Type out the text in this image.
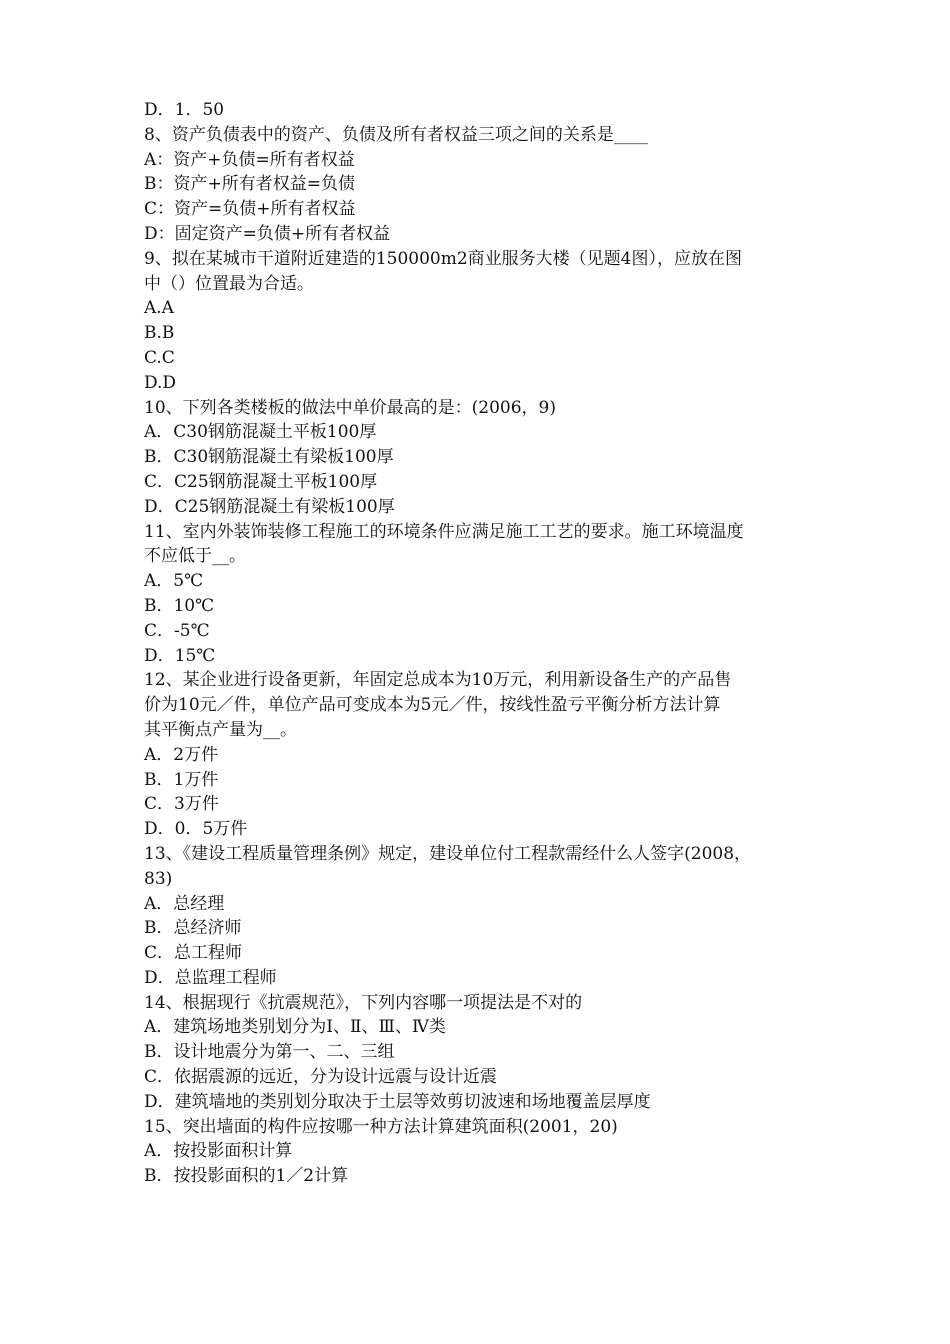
D．1．50
8、资产负债表中的资产、负债及所有者权益三项之间的关系是____
A：资产+负债=所有者权益
B：资产+所有者权益=负债
C：资产=负债+所有者权益
D：固定资产=负债+所有者权益
9、拟在某城市干道附近建造的150000m2商业服务大楼（见题4图），应放在图
中（）位置最为合适。
A.A
B.B
C.C
D.D
10、下列各类楼板的做法中单价最高的是：(2006，9)
A．C30钢筋混凝土平板100厚
B．C30钢筋混凝土有梁板100厚
C．C25钢筋混凝土平板100厚
D．C25钢筋混凝土有梁板100厚
11、室内外装饰装修工程施工的环境条件应满足施工工艺的要求。施工环境温度
不应低于__。
A．5℃
B．10℃
C．-5℃
D．15℃
12、某企业进行设备更新，年固定总成本为10万元，利用新设备生产的产品售
价为10元／件，单位产品可变成本为5元／件，按线性盈亏平衡分析方法计算
其平衡点产量为__。
A．2万件
B．1万件
C．3万件
D．0．5万件
13、《建设工程质量管理条例》规定，建设单位付工程款需经什么人签字(2008，
83)
A．总经理
B．总经济师
C．总工程师
D．总监理工程师
14、根据现行《抗震规范》，下列内容哪一项提法是不对的
A．建筑场地类别划分为Ⅰ、Ⅱ、Ⅲ、Ⅳ类
B．设计地震分为第一、二、三组
C．依据震源的远近，分为设计远震与设计近震
D．建筑墙地的类别划分取决于土层等效剪切波速和场地覆盖层厚度
15、突出墙面的构件应按哪一种方法计算建筑面积(2001，20)
A．按投影面积计算
B．按投影面积的1／2计算
